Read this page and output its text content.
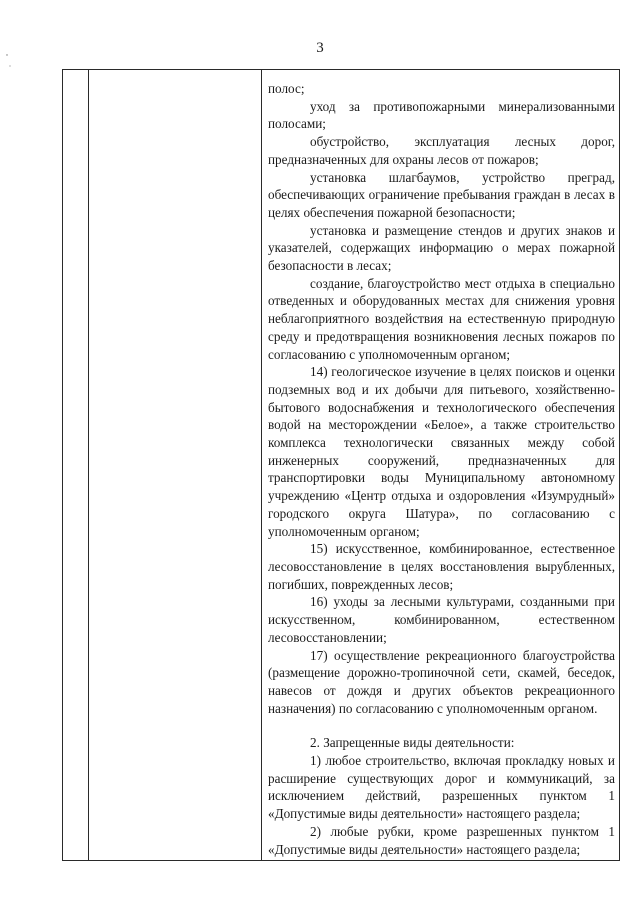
3

полос;

уход за противопожарными минерализованными полосами;

обустройство, эксплуатация лесных дорог, предназначенных для охраны лесов от пожаров;

установка шлагбаумов, устройство преград, обеспечивающих ограничение пребывания граждан в лесах в целях обеспечения пожарной безопасности;

установка и размещение стендов и других знаков и указателей, содержащих информацию о мерах пожарной безопасности в лесах;

создание, благоустройство мест отдыха в специально отведенных и оборудованных местах для снижения уровня неблагоприятного воздействия на естественную природную среду и предотвращения возникновения лесных пожаров по согласованию с уполномоченным органом;

14) геологическое изучение в целях поисков и оценки подземных вод и их добычи для питьевого, хозяйственно-бытового водоснабжения и технологического обеспечения водой на месторождении «Белое», а также строительство комплекса технологически связанных между собой инженерных сооружений, предназначенных для транспортировки воды Муниципальному автономному учреждению «Центр отдыха и оздоровления «Изумрудный» городского округа Шатура», по согласованию с уполномоченным органом;

15) искусственное, комбинированное, естественное лесовосстановление в целях восстановления вырубленных, погибших, поврежденных лесов;

16) уходы за лесными культурами, созданными при искусственном, комбинированном, естественном лесовосстановлении;

17) осуществление рекреационного благоустройства (размещение дорожно-тропиночной сети, скамей, беседок, навесов от дождя и других объектов рекреационного назначения) по согласованию с уполномоченным органом.

2. Запрещенные виды деятельности:

1) любое строительство, включая прокладку новых и расширение существующих дорог и коммуникаций, за исключением действий, разрешенных пунктом 1 «Допустимые виды деятельности» настоящего раздела;

2) любые рубки, кроме разрешенных пунктом 1 «Допустимые виды деятельности» настоящего раздела;
